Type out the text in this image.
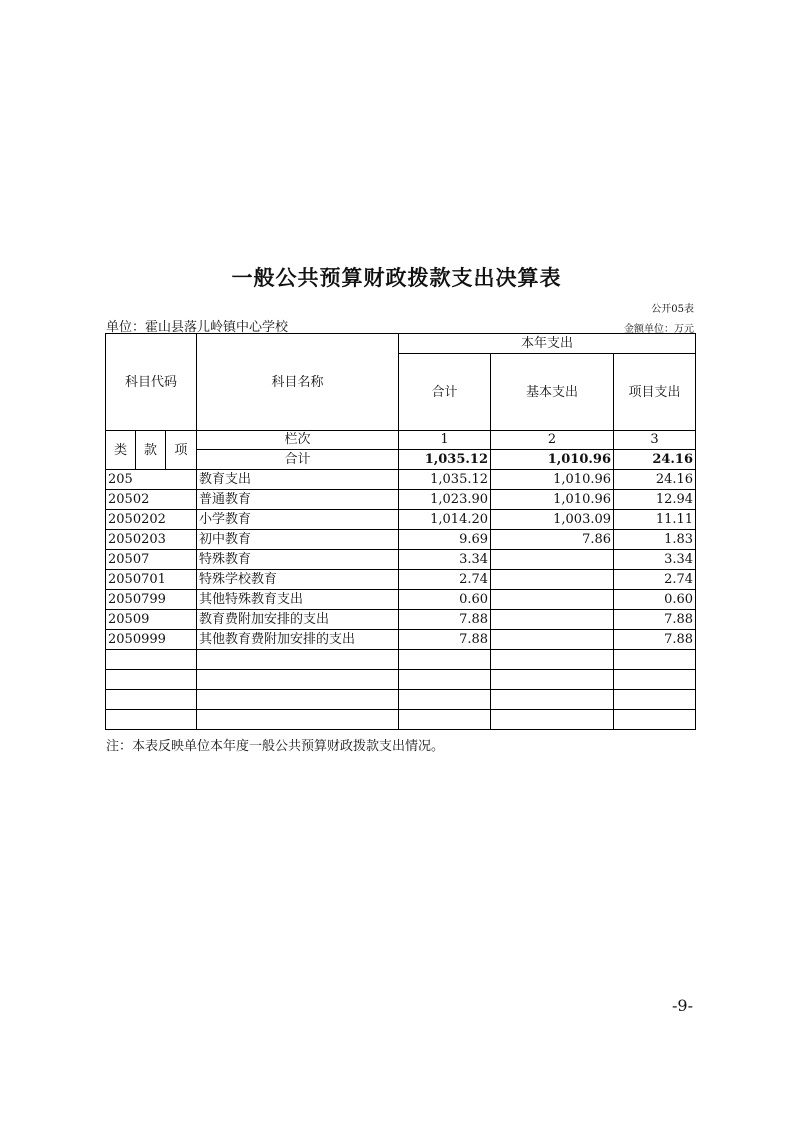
一般公共预算财政拨款支出决算表
公开05表
单位：霍山县落儿岭镇中心学校	金额单位：万元
科目代码			科目名称	本年支出		
				合计	基本支出	项目支出
类	款	项	栏次	1	2	3
			合计	1,035.12	1,010.96	24.16
205			教育支出	1,035.12	1,010.96	24.16
20502			普通教育	1,023.90	1,010.96	12.94
2050202			小学教育	1,014.20	1,003.09	11.11
2050203			初中教育	9.69	7.86	1.83
20507			特殊教育	3.34		3.34
2050701			特殊学校教育	2.74		2.74
2050799			其他特殊教育支出	0.60		0.60
20509			教育费附加安排的支出	7.88		7.88
2050999			其他教育费附加安排的支出	7.88		7.88

注：本表反映单位本年度一般公共预算财政拨款支出情况。
-9-
